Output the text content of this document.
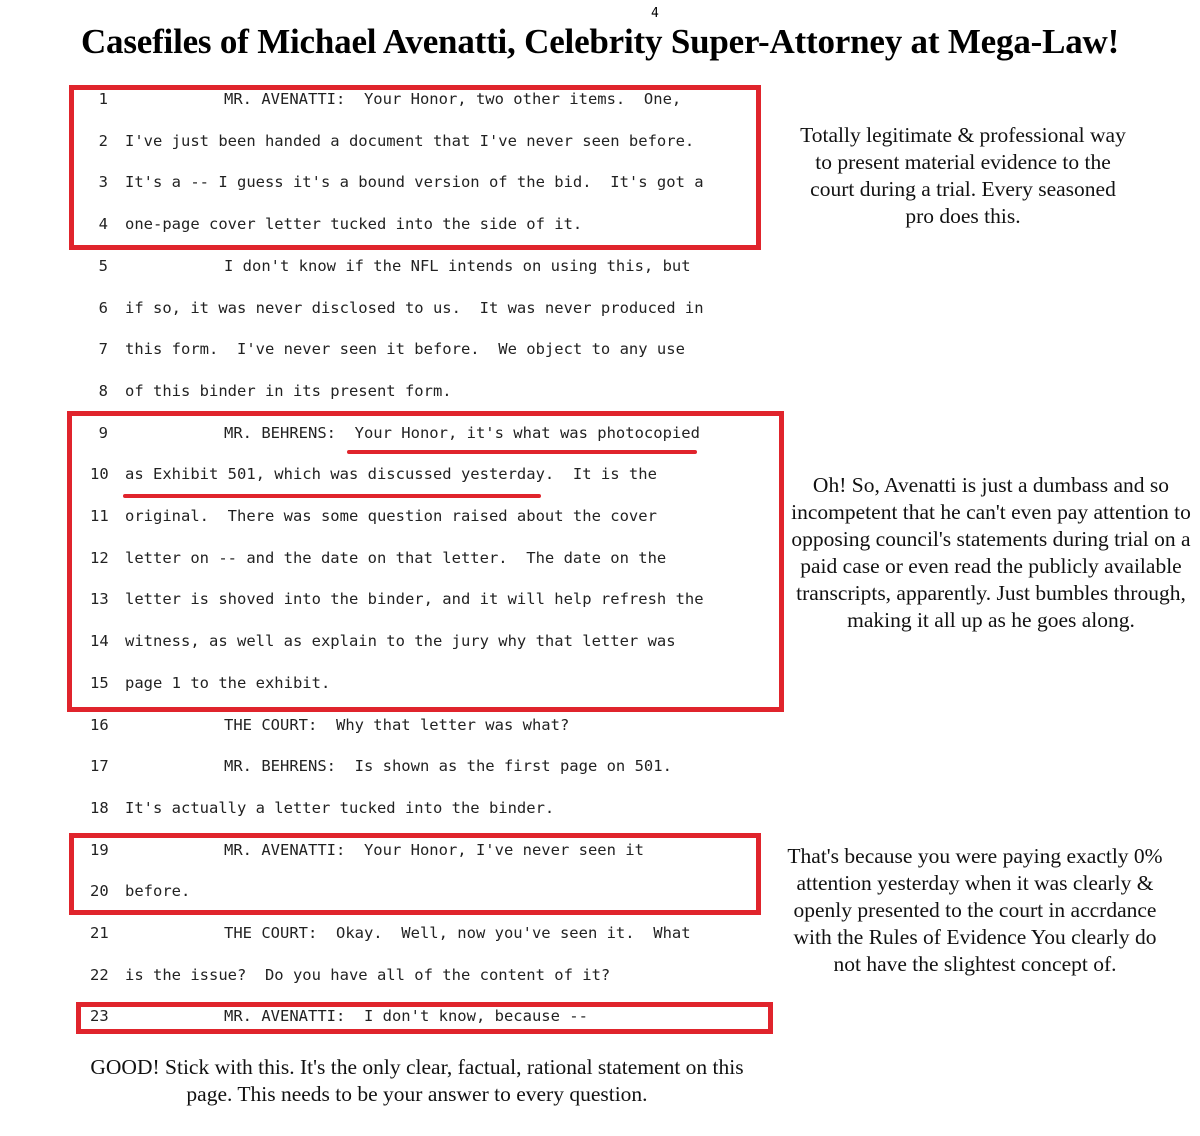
Casefiles of Michael Avenatti, Celebrity Super-Attorney at Mega-Law!
4
1	MR. AVENATTI:  Your Honor, two other items.  One,
2 I've just been handed a document that I've never seen before.
3 It's a -- I guess it's a bound version of the bid.  It's got a
4 one-page cover letter tucked into the side of it.
5	I don't know if the NFL intends on using this, but
6 if so, it was never disclosed to us.  It was never produced in
7 this form.  I've never seen it before.  We object to any use
8 of this binder in its present form.
9	MR. BEHRENS:  Your Honor, it's what was photocopied
10 as Exhibit 501, which was discussed yesterday.  It is the
11 original.  There was some question raised about the cover
12 letter on -- and the date on that letter.  The date on the
13 letter is shoved into the binder, and it will help refresh the
14 witness, as well as explain to the jury why that letter was
15 page 1 to the exhibit.
16	THE COURT:  Why that letter was what?
17	MR. BEHRENS:  Is shown as the first page on 501.
18 It's actually a letter tucked into the binder.
19	MR. AVENATTI:  Your Honor, I've never seen it
20 before.
21	THE COURT:  Okay.  Well, now you've seen it.  What
22 is the issue?  Do you have all of the content of it?
23	MR. AVENATTI:  I don't know, because --
Totally legitimate & professional way to present material evidence to the court during a trial. Every seasoned pro does this.
Oh! So, Avenatti is just a dumbass and so incompetent that he can't even pay attention to opposing council's statements during trial on a paid case or even read the publicly available transcripts, apparently. Just bumbles through, making it all up as he goes along.
That's because you were paying exactly 0% attention yesterday when it was clearly & openly presented to the court in accrdance with the Rules of Evidence You clearly do not have the slightest concept of.
GOOD! Stick with this. It's the only clear, factual, rational statement on this page. This needs to be your answer to every question.
